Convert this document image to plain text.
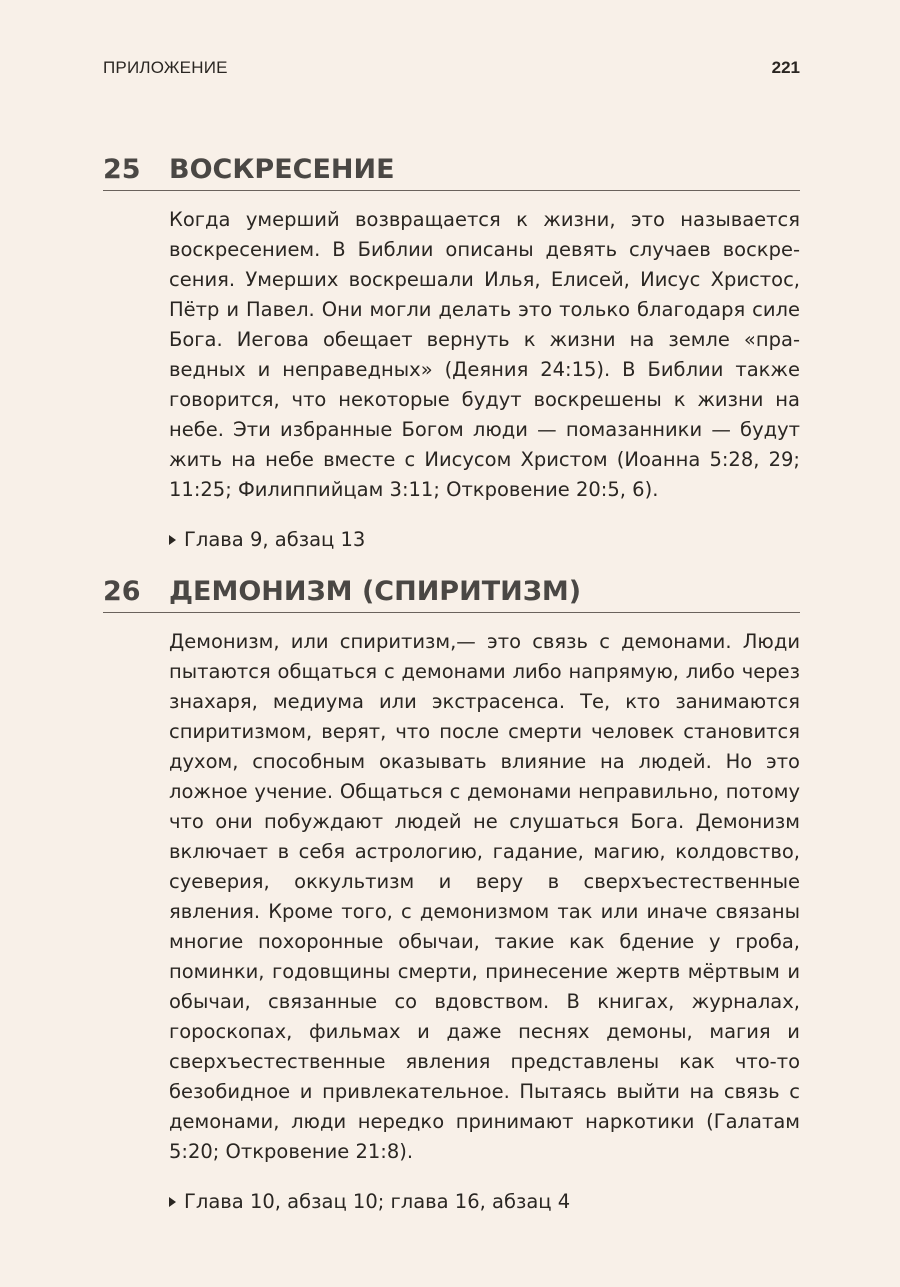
ПРИЛОЖЕНИЕ	221
25 ВОСКРЕСЕНИЕ

Когда умерший возвращается к жизни, это называется воскресением. В Библии описаны девять случаев воскресения. Умерших воскрешали Илья, Елисей, Иисус Христос, Пётр и Павел. Они могли делать это только благодаря силе Бога. Иегова обещает вернуть к жизни на земле «праведных и неправедных» (Деяния 24:15). В Библии также говорится, что некоторые будут воскрешены к жизни на небе. Эти избранные Богом люди — помазанники — будут жить на небе вместе с Иисусом Христом (Иоанна 5:28, 29; 11:25; Филиппийцам 3:11; Откровение 20:5, 6).

Глава 9, абзац 13
26 ДЕМОНИЗМ (СПИРИТИЗМ)

Демонизм, или спиритизм,— это связь с демонами. Люди пытаются общаться с демонами либо напрямую, либо через знахаря, медиума или экстрасенса. Те, кто занимаются спиритизмом, верят, что после смерти человек становится духом, способным оказывать влияние на людей. Но это ложное учение. Общаться с демонами неправильно, потому что они побуждают людей не слушаться Бога. Демонизм включает в себя астрологию, гадание, магию, колдовство, суеверия, оккультизм и веру в сверхъестественные явления. Кроме того, с демонизмом так или иначе связаны многие похоронные обычаи, такие как бдение у гроба, поминки, годовщины смерти, принесение жертв мёртвым и обычаи, связанные со вдовством. В книгах, журналах, гороскопах, фильмах и даже песнях демоны, магия и сверхъестественные явления представлены как что-то безобидное и привлекательное. Пытаясь выйти на связь с демонами, люди нередко принимают наркотики (Галатам 5:20; Откровение 21:8).

Глава 10, абзац 10; глава 16, абзац 4
